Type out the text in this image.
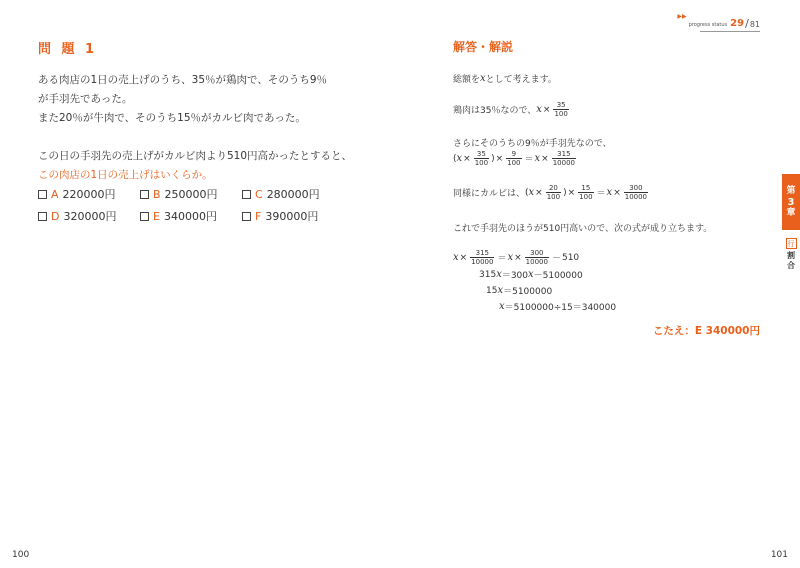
問 題 1
ある肉店の1日の売上げのうち、35％が鶏肉で、そのうち9％
が手羽先であった。
また20％が牛肉で、そのうち15％がカルビ肉であった。
この日の手羽先の売上げがカルビ肉より510円高かったとすると、
この肉店の1日の売上げはいくらか。
A 220000円	B 250000円	C 280000円
D 320000円	E 340000円	F 390000円
100
解答・解説
総額を x として考えます。
鶏肉は35％なので、 $x \times \frac{35}{100}$
さらにそのうちの9％が手羽先なので、
( $x \times \frac{35}{100}$ ) × $\frac{9}{100} = x \times \frac{315}{10000}$
同様にカルビは、 ( $x \times \frac{20}{100}$ ) × $\frac{15}{100} = x \times \frac{300}{10000}$
これで手羽先のほうが510円高いので、次の式が成り立ちます。
$x \times \frac{315}{10000} = x \times \frac{300}{10000} - 510$
315 x ＝300 x －5100000
15 x ＝5100000
x ＝5100000÷15＝340000
こたえ：E 340000円
101
▶▶
progress status 29 / 81
第
3
章
行
割
合
